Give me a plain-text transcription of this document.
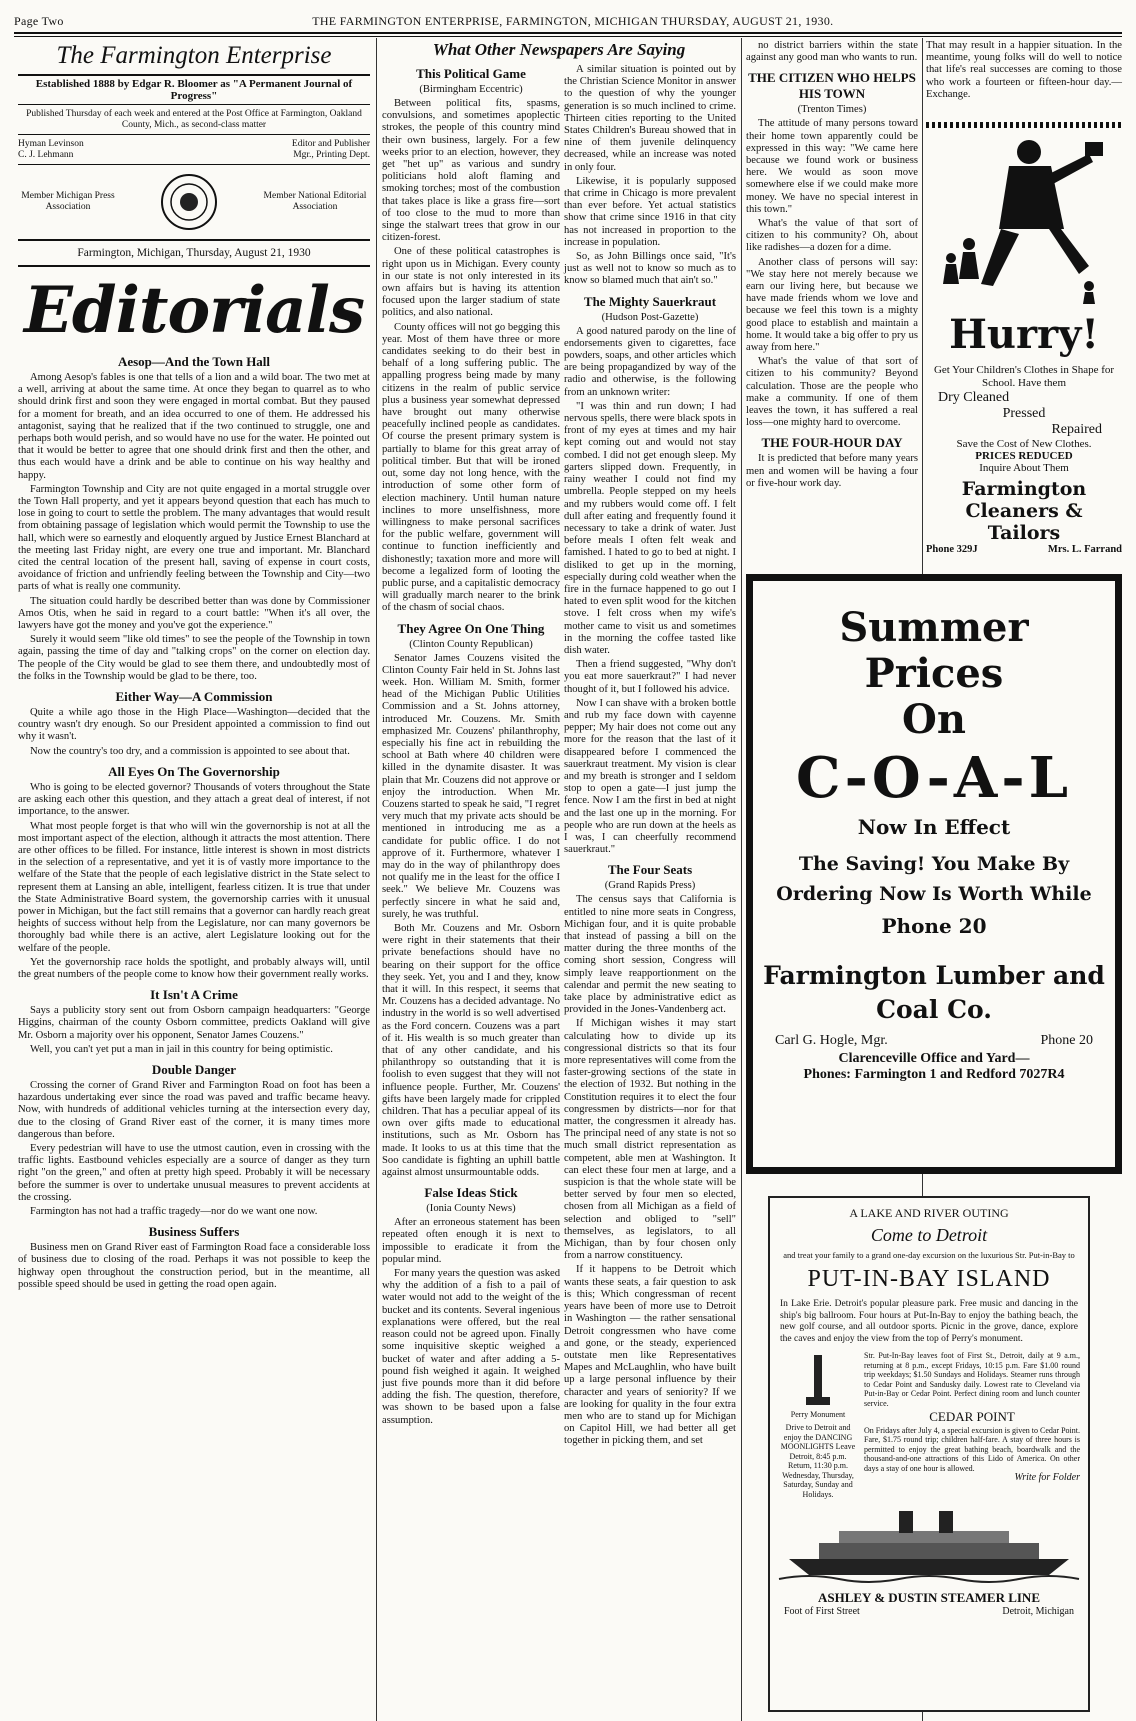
Page Two	THE FARMINGTON ENTERPRISE, FARMINGTON, MICHIGAN THURSDAY, AUGUST 21, 1930.
The Farmington Enterprise
Established 1888 by Edgar R. Bloomer as "A Permanent Journal of Progress"
Published Thursday of each week and entered at the Post Office at Farmington, Oakland County, Mich., as second-class matter
Hyman Levinson	Editor and Publisher
C. J. Lehmann	Mgr., Printing Dept.
Member Michigan Press Association
Member National Editorial Association
Farmington, Michigan, Thursday, August 21, 1930
Editorials
Aesop—And the Town Hall

Among Aesop's fables is one that tells of a lion and a wild boar. The two met at a well, arriving at about the same time. At once they began to quarrel as to who should drink first and soon they were engaged in mortal combat. But they paused for a moment for breath, and an idea occurred to one of them. He addressed his antagonist, saying that he realized that if the two continued to struggle, one and perhaps both would perish, and so would have no use for the water. He pointed out that it would be better to agree that one should drink first and then the other, and thus each would have a drink and be able to continue on his way healthy and happy.

Farmington Township and City are not quite engaged in a mortal struggle over the Town Hall property, and yet it appears beyond question that each has much to lose in going to court to settle the problem. The many advantages that would result from obtaining passage of legislation which would permit the Township to use the hall, which were so earnestly and eloquently argued by Justice Ernest Blanchard at the meeting last Friday night, are every one true and important. Mr. Blanchard cited the central location of the present hall, saving of expense in court costs, avoidance of friction and unfriendly feeling between the Township and City—two parts of what is really one community.

The situation could hardly be described better than was done by Commissioner Amos Otis, when he said in regard to a court battle: "When it's all over, the lawyers have got the money and you've got the experience."

Surely it would seem "like old times" to see the people of the Township in town again, passing the time of day and "talking crops" on the corner on election day. The people of the City would be glad to see them there, and undoubtedly most of the folks in the Township would be glad to be there, too.

Either Way—A Commission

Quite a while ago those in the High Place—Washington—decided that the country wasn't dry enough. So our President appointed a commission to find out why it wasn't.

Now the country's too dry, and a commission is appointed to see about that.

All Eyes On The Governorship

Who is going to be elected governor? Thousands of voters throughout the State are asking each other this question, and they attach a great deal of interest, if not importance, to the answer.

What most people forget is that who will win the governorship is not at all the most important aspect of the election, although it attracts the most attention. There are other offices to be filled. For instance, little interest is shown in most districts in the selection of a representative, and yet it is of vastly more importance to the welfare of the State that the people of each legislative district in the State select to represent them at Lansing an able, intelligent, fearless citizen. It is true that under the State Administrative Board system, the governorship carries with it unusual power in Michigan, but the fact still remains that a governor can hardly reach great heights of success without help from the Legislature, nor can many governors be thoroughly bad while there is an active, alert Legislature looking out for the welfare of the people.

Yet the governorship race holds the spotlight, and probably always will, until the great numbers of the people come to know how their government really works.

It Isn't A Crime

Says a publicity story sent out from Osborn campaign headquarters: "George Higgins, chairman of the county Osborn committee, predicts Oakland will give Mr. Osborn a majority over his opponent, Senator James Couzens."

Well, you can't yet put a man in jail in this country for being optimistic.

Double Danger

Crossing the corner of Grand River and Farmington Road on foot has been a hazardous undertaking ever since the road was paved and traffic became heavy. Now, with hundreds of additional vehicles turning at the intersection every day, due to the closing of Grand River east of the corner, it is many times more dangerous than before.

Every pedestrian will have to use the utmost caution, even in crossing with the traffic lights. Eastbound vehicles especially are a source of danger as they turn right "on the green," and often at pretty high speed. Probably it will be necessary before the summer is over to undertake unusual measures to prevent accidents at the crossing.

Farmington has not had a traffic tragedy—nor do we want one now.

Business Suffers

Business men on Grand River east of Farmington Road face a considerable loss of business due to closing of the road. Perhaps it was not possible to keep the highway open throughout the construction period, but in the meantime, all possible speed should be used in getting the road open again.

What Other Newspapers Are Saying
This Political Game
(Birmingham Eccentric)

Between political fits, spasms, convulsions, and sometimes apoplectic strokes, the people of this country mind their own business, largely. For a few weeks prior to an election, however, they get "het up" as various and sundry politicians hold aloft flaming and smoking torches; most of the combustion that takes place is like a grass fire—sort of too close to the mud to more than singe the stalwart trees that grow in our citizen-forest.

One of these political catastrophes is right upon us in Michigan. Every county in our state is not only interested in its own affairs but is having its attention focused upon the larger stadium of state politics, and also national.

County offices will not go begging this year. Most of them have three or more candidates seeking to do their best in behalf of a long suffering public. The appalling progress being made by many citizens in the realm of public service plus a business year somewhat depressed have brought out many otherwise peacefully inclined people as candidates. Of course the present primary system is partially to blame for this great array of political timber. But that will be ironed out, some day not long hence, with the introduction of some other form of election machinery. Until human nature inclines to more unselfishness, more willingness to make personal sacrifices for the public welfare, government will continue to function inefficiently and dishonestly; taxation more and more will become a legalized form of looting the public purse, and a capitalistic democracy will gradually march nearer to the brink of the chasm of social chaos.

They Agree On One Thing
(Clinton County Republican)

Senator James Couzens visited the Clinton County Fair held in St. Johns last week. Hon. William M. Smith, former head of the Michigan Public Utilities Commission and a St. Johns attorney, introduced Mr. Couzens. Mr. Smith emphasized Mr. Couzens' philanthrophy, especially his fine act in rebuilding the school at Bath where 40 children were killed in the dynamite disaster. It was plain that Mr. Couzens did not approve or enjoy the introduction. When Mr. Couzens started to speak he said, "I regret very much that my private acts should be mentioned in introducing me as a candidate for public office. I do not approve of it. Furthermore, whatever I may do in the way of philanthropy does not qualify me in the least for the office I seek." We believe Mr. Couzens was perfectly sincere in what he said and, surely, he was truthful.

Both Mr. Couzens and Mr. Osborn were right in their statements that their private benefactions should have no bearing on their support for the office they seek. Yet, you and I and they, know that it will. In this respect, it seems that Mr. Couzens has a decided advantage. No industry in the world is so well advertised as the Ford concern. Couzens was a part of it. His wealth is so much greater than that of any other candidate, and his philanthropy so outstanding that it is foolish to even suggest that they will not influence people. Further, Mr. Couzens' gifts have been largely made for crippled children. That has a peculiar appeal of its own over gifts made to educational institutions, such as Mr. Osborn has made. It looks to us at this time that the Soo candidate is fighting an uphill battle against almost unsurmountable odds.

False Ideas Stick
(Ionia County News)

After an erroneous statement has been repeated often enough it is next to impossible to eradicate it from the popular mind.

For many years the question was asked why the addition of a fish to a pail of water would not add to the weight of the bucket and its contents. Several ingenious explanations were offered, but the real reason could not be agreed upon. Finally some inquisitive skeptic weighed a bucket of water and after adding a 5-pound fish weighed it again. It weighed just five pounds more than it did before adding the fish. The question, therefore, was shown to be based upon a false assumption.

A similar situation is pointed out by the Christian Science Monitor in answer to the question of why the younger generation is so much inclined to crime. Thirteen cities reporting to the United States Children's Bureau showed that in nine of them juvenile delinquency decreased, while an increase was noted in only four.

Likewise, it is popularly supposed that crime in Chicago is more prevalent than ever before. Yet actual statistics show that crime since 1916 in that city has not increased in proportion to the increase in population.

So, as John Billings once said, "It's just as well not to know so much as to know so blamed much that ain't so."

The Mighty Sauerkraut
(Hudson Post-Gazette)

A good natured parody on the line of endorsements given to cigarettes, face powders, soaps, and other articles which are being propagandized by way of the radio and otherwise, is the following from an unknown writer:

"I was thin and run down; I had nervous spells, there were black spots in front of my eyes at times and my hair kept coming out and would not stay combed. I did not get enough sleep. My garters slipped down. Frequently, in rainy weather I could not find my umbrella. People stepped on my heels and my rubbers would come off. I felt dull after eating and frequently found it necessary to take a drink of water. Just before meals I often felt weak and famished. I hated to go to bed at night. I disliked to get up in the morning, especially during cold weather when the fire in the furnace happened to go out I hated to even split wood for the kitchen stove. I felt cross when my wife's mother came to visit us and sometimes in the morning the coffee tasted like dish water.

Then a friend suggested, "Why don't you eat more sauerkraut?" I had never thought of it, but I followed his advice.

Now I can shave with a broken bottle and rub my face down with cayenne pepper; My hair does not come out any more for the reason that the last of it disappeared before I commenced the sauerkraut treatment. My vision is clear and my breath is stronger and I seldom stop to open a gate—I just jump the fence. Now I am the first in bed at night and the last one up in the morning. For people who are run down at the heels as I was, I can cheerfully recommend sauerkraut."

The Four Seats
(Grand Rapids Press)

The census says that California is entitled to nine more seats in Congress, Michigan four, and it is quite probable that instead of passing a bill on the matter during the three months of the coming short session, Congress will simply leave reapportionment on the calendar and permit the new seating to take place by administrative edict as provided in the Jones-Vandenberg act.

If Michigan wishes it may start calculating how to divide up its congressional districts so that its four more representatives will come from the faster-growing sections of the state in the election of 1932. But nothing in the Constitution requires it to elect the four congressmen by districts—nor for that matter, the congressmen it already has. The principal need of any state is not so much small district representation as competent, able men at Washington. It can elect these four men at large, and a suspicion is that the whole state will be better served by four men so elected, chosen from all Michigan as a field of selection and obliged to "sell" themselves, as legislators, to all Michigan, than by four chosen only from a narrow constituency.

If it happens to be Detroit which wants these seats, a fair question to ask is this; Which congressman of recent years have been of more use to Detroit in Washington — the rather sensational Detroit congressmen who have come and gone, or the steady, experienced outstate men like Representatives Mapes and McLaughlin, who have built up a large personal influence by their character and years of seniority? If we are looking for quality in the four extra men who are to stand up for Michigan on Capitol Hill, we had better all get together in picking them, and set

no district barriers within the state against any good man who wants to run.

THE CITIZEN WHO HELPS HIS TOWN
(Trenton Times)

The attitude of many persons toward their home town apparently could be expressed in this way: "We came here because we found work or business here. We would as soon move somewhere else if we could make more money. We have no special interest in this town."

What's the value of that sort of citizen to his community? Oh, about like radishes—a dozen for a dime.

Another class of persons will say: "We stay here not merely because we earn our living here, but because we have made friends whom we love and because we feel this town is a mighty good place to establish and maintain a home. It would take a big offer to pry us away from here."

What's the value of that sort of citizen to his community? Beyond calculation. Those are the people who make a community. If one of them leaves the town, it has suffered a real loss—one mighty hard to overcome.

THE FOUR-HOUR DAY

It is predicted that before many years men and women will be having a four or five-hour work day.

That may result in a happier situation. In the meantime, young folks will do well to notice that life's real successes are coming to those who work a fourteen or fifteen-hour day.—Exchange.

Hurry!
Get Your Children's Clothes in Shape for School. Have them
Dry Cleaned
Pressed
Repaired
Save the Cost of New Clothes.
PRICES REDUCED
Inquire About Them
Farmington Cleaners & Tailors
Phone 329J	Mrs. L. Farrand
Summer
Prices
On
C-O-A-L
Now In Effect
The Saving! You Make By Ordering Now Is Worth While
Phone 20
Farmington Lumber and Coal Co.
Carl G. Hogle, Mgr.	Phone 20
Clarenceville Office and Yard—
Phones: Farmington 1 and Redford 7027R4
A LAKE AND RIVER OUTING
Come to Detroit
and treat your family to a grand one-day excursion on the luxurious Str. Put-in-Bay to
PUT-IN-BAY ISLAND
In Lake Erie. Detroit's popular pleasure park. Free music and dancing in the ship's big ballroom. Four hours at Put-In-Bay to enjoy the bathing beach, the new golf course, and all outdoor sports. Picnic in the grove, dance, explore the caves and enjoy the view from the top of Perry's monument.
Perry Monument
Drive to Detroit and enjoy the DANCING MOONLIGHTS Leave Detroit, 8:45 p.m. Return, 11:30 p.m. Wednesday, Thursday, Saturday, Sunday and Holidays.
Str. Put-In-Bay leaves foot of First St., Detroit, daily at 9 a.m., returning at 8 p.m., except Fridays, 10:15 p.m. Fare $1.00 round trip weekdays; $1.50 Sundays and Holidays. Steamer runs through to Cedar Point and Sandusky daily. Lowest rate to Cleveland via Put-in-Bay or Cedar Point. Perfect dining room and lunch counter service.
CEDAR POINT
On Fridays after July 4, a special excursion is given to Cedar Point. Fare, $1.75 round trip; children half-fare. A stay of three hours is permitted to enjoy the great bathing beach, boardwalk and the thousand-and-one attractions of this Lido of America. On other days a stay of one hour is allowed.
Write for Folder
ASHLEY & DUSTIN STEAMER LINE
Foot of First Street	Detroit, Michigan
